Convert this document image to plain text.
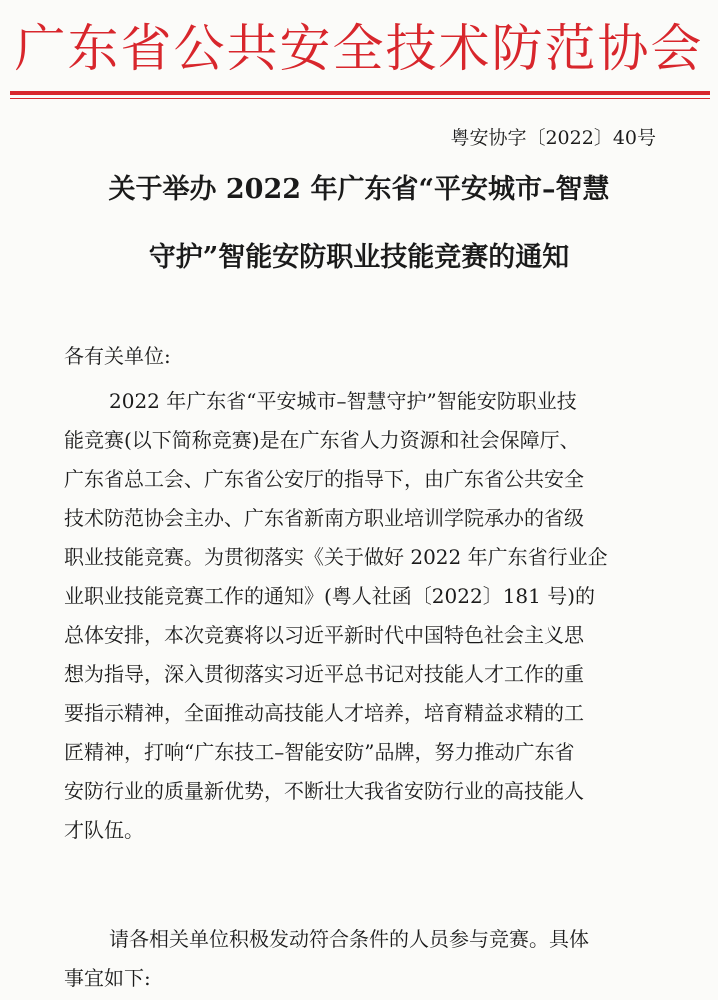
广东省公共安全技术防范协会
粤安协字〔2022〕40号
关于举办 2022 年广东省“平安城市–智慧
守护”智能安防职业技能竞赛的通知
各有关单位:
2022 年广东省“平安城市–智慧守护”智能安防职业技
能竞赛(以下简称竞赛)是在广东省人力资源和社会保障厅、
广东省总工会、广东省公安厅的指导下，由广东省公共安全
技术防范协会主办、广东省新南方职业培训学院承办的省级
职业技能竞赛。为贯彻落实《关于做好 2022 年广东省行业企
业职业技能竞赛工作的通知》(粤人社函〔2022〕181 号)的
总体安排，本次竞赛将以习近平新时代中国特色社会主义思
想为指导，深入贯彻落实习近平总书记对技能人才工作的重
要指示精神，全面推动高技能人才培养，培育精益求精的工
匠精神，打响“广东技工–智能安防”品牌，努力推动广东省
安防行业的质量新优势，不断壮大我省安防行业的高技能人
才队伍。
请各相关单位积极发动符合条件的人员参与竞赛。具体
事宜如下:
